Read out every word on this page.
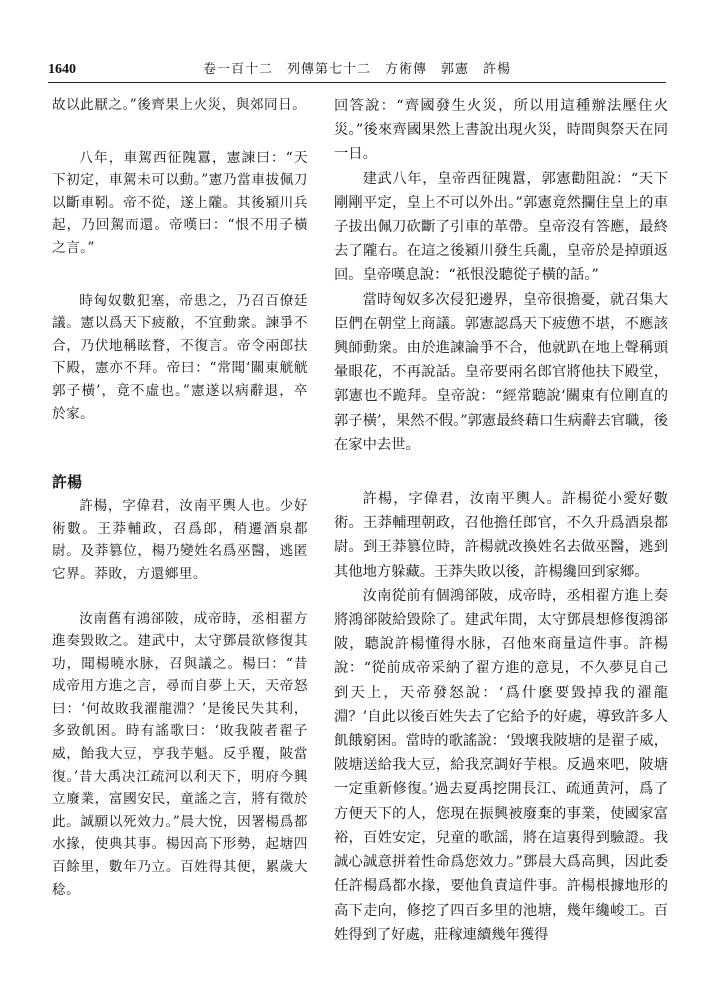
1640	卷一百十二　列傳第七十二　方術傳　郭憲　許楊

故以此厭之。”後齊果上火災，與郊同日。

八年，車駕西征隗囂，憲諫曰：“天下初定，車駕未可以動。”憲乃當車拔佩刀以斷車靷。帝不從，遂上隴。其後潁川兵起，乃回駕而還。帝嘆曰：“恨不用子橫之言。”

時匈奴數犯塞，帝患之，乃召百僚廷議。憲以爲天下疲敝，不宜動衆。諫爭不合，乃伏地稱眩瞀，不復言。帝令兩郎扶下殿，憲亦不拜。帝曰：“常聞‘關東觥觥郭子橫’，竟不虛也。”憲遂以病辭退，卒於家。

許楊

許楊，字偉君，汝南平輿人也。少好術數。王莽輔政，召爲郎，稍遷酒泉都尉。及莽篡位，楊乃變姓名爲巫醫，逃匿它界。莽敗，方還鄉里。

汝南舊有鴻郤陂，成帝時，丞相翟方進奏毀敗之。建武中，太守鄧晨欲修復其功，聞楊曉水脉，召與議之。楊曰：“昔成帝用方進之言，尋而自夢上天，天帝怒曰：‘何故敗我濯龍淵？’是後民失其利，多致飢困。時有謠歌曰：‘敗我陂者翟子威，飴我大豆，亨我芋魁。反乎覆，陂當復。’昔大禹决江疏河以利天下，明府今興立廢業，富國安民，童謠之言，將有徵於此。誠願以死效力。”晨大悅，因署楊爲都水掾，使典其事。楊因高下形勢，起塘四百餘里，數年乃立。百姓得其便，累歲大稔。

回答說：“齊國發生火災，所以用這種辦法壓住火災。”後來齊國果然上書說出現火災，時間與祭天在同一日。

建武八年，皇帝西征隗囂，郭憲勸阻說：“天下剛剛平定，皇上不可以外出。”郭憲竟然攔住皇上的車子拔出佩刀砍斷了引車的革帶。皇帝沒有答應，最終去了隴右。在這之後潁川發生兵亂，皇帝於是掉頭返回。皇帝嘆息說：“祇恨没聽從子橫的話。”

當時匈奴多次侵犯邊界，皇帝很擔憂，就召集大臣們在朝堂上商議。郭憲認爲天下疲憊不堪，不應該興師動衆。由於進諫論爭不合，他就趴在地上聲稱頭暈眼花，不再說話。皇帝要兩名郎官將他扶下殿堂，郭憲也不跪拜。皇帝說：“經常聽說‘關東有位剛直的郭子橫’，果然不假。”郭憲最終藉口生病辭去官職，後在家中去世。

許楊，字偉君，汝南平輿人。許楊從小愛好數術。王莽輔理朝政，召他擔任郎官，不久升爲酒泉都尉。到王莽篡位時，許楊就改換姓名去做巫醫，逃到其他地方躲藏。王莽失敗以後，許楊纔回到家鄉。

汝南從前有個鴻郤陂，成帝時，丞相翟方進上奏將鴻郤陂給毀除了。建武年間，太守鄧晨想修復鴻郤陂，聽說許楊懂得水脉，召他來商量這件事。許楊說：“從前成帝采納了翟方進的意見，不久夢見自己到天上，天帝發怒說：‘爲什麽要毀掉我的濯龍淵？’自此以後百姓失去了它給予的好處，導致許多人飢餓窮困。當時的歌謠說：‘毀壞我陂塘的是翟子威，陂塘送給我大豆，給我烹調好芋根。反過來吧，陂塘一定重新修復。’過去夏禹挖開長江、疏通黄河，爲了方便天下的人，您現在振興被廢棄的事業，使國家富裕，百姓安定，兒童的歌謡，將在這裏得到驗證。我誠心誠意拼着性命爲您效力。”鄧晨大爲高興，因此委任許楊爲都水掾，要他負責這件事。許楊根據地形的高下走向，修挖了四百多里的池塘，幾年纔峻工。百姓得到了好處，莊稼連續幾年獲得
